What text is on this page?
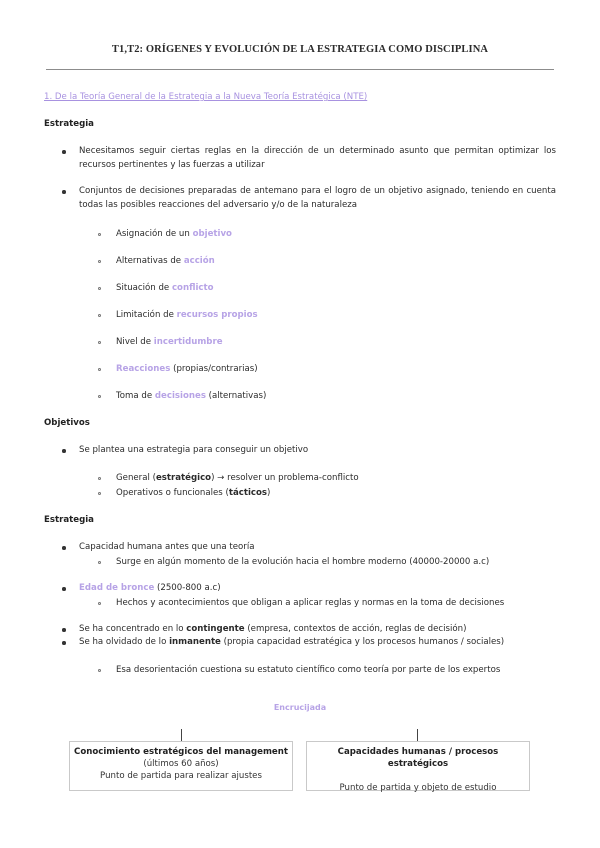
T1,T2: ORÍGENES Y EVOLUCIÓN DE LA ESTRATEGIA COMO DISCIPLINA
1. De la Teoría General de la Estrategia a la Nueva Teoría Estratégica (NTE)
Estrategia
Necesitamos seguir ciertas reglas en la dirección de un determinado asunto que permitan optimizar los recursos pertinentes y las fuerzas a utilizar
Conjuntos de decisiones preparadas de antemano para el logro de un objetivo asignado, teniendo en cuenta todas las posibles reacciones del adversario y/o de la naturaleza
Asignación de un objetivo
Alternativas de acción
Situación de conflicto
Limitación de recursos propios
Nivel de incertidumbre
Reacciones (propias/contrarias)
Toma de decisiones (alternativas)
Objetivos
Se plantea una estrategia para conseguir un objetivo
General (estratégico) → resolver un problema-conflicto
Operativos o funcionales (tácticos)
Estrategia
Capacidad humana antes que una teoría
Surge en algún momento de la evolución hacia el hombre moderno (40000-20000 a.c)
Edad de bronce (2500-800 a.c)
Hechos y acontecimientos que obligan a aplicar reglas y normas en la toma de decisiones
Se ha concentrado en lo contingente (empresa, contextos de acción, reglas de decisión)
Se ha olvidado de lo inmanente (propia capacidad estratégica y los procesos humanos / sociales)
Esa desorientación cuestiona su estatuto científico como teoría por parte de los expertos
Encrucijada
Conocimiento estratégicos del management
(últimos 60 años)
Punto de partida para realizar ajustes
Capacidades humanas / procesos estratégicos
Punto de partida y objeto de estudio
